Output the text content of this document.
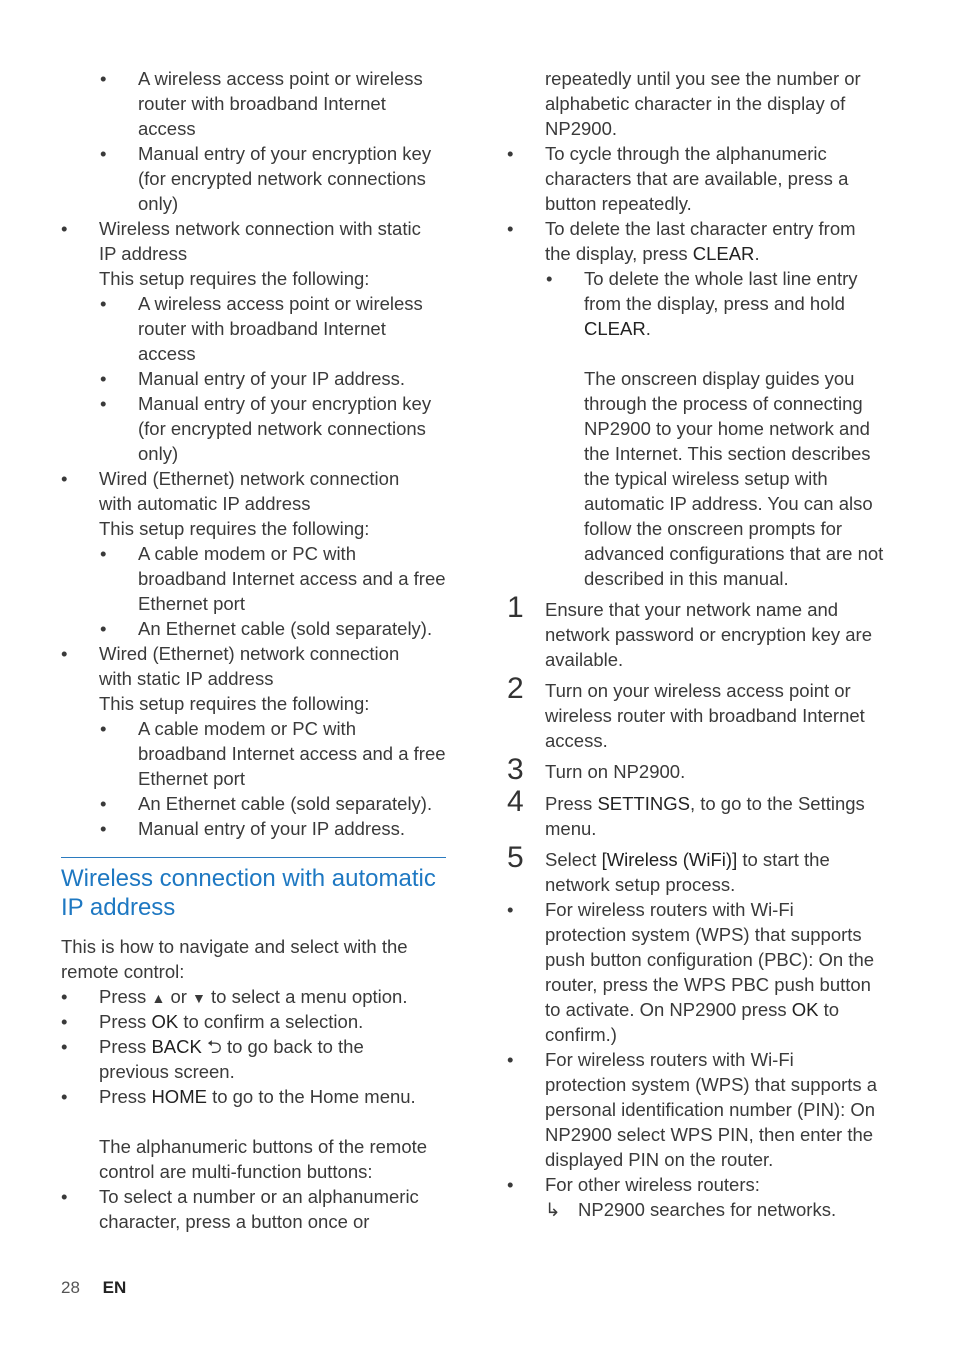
• A wireless access point or wireless
router with broadband Internet
access
• Manual entry of your encryption key
(for encrypted network connections
only)
• Wireless network connection with static
IP address
This setup requires the following:
• A wireless access point or wireless
router with broadband Internet
access
• Manual entry of your IP address.
• Manual entry of your encryption key
(for encrypted network connections
only)
• Wired (Ethernet) network connection
with automatic IP address
This setup requires the following:
• A cable modem or PC with
broadband Internet access and a free
Ethernet port
• An Ethernet cable (sold separately).
• Wired (Ethernet) network connection
with static IP address
This setup requires the following:
• A cable modem or PC with
broadband Internet access and a free
Ethernet port
• An Ethernet cable (sold separately).
• Manual entry of your IP address.
Wireless connection with automatic
IP address
This is how to navigate and select with the
remote control:
• Press ▲ or ▼ to select a menu option.
• Press OK to confirm a selection.
• Press BACK ⮌ to go back to the
previous screen.
• Press HOME to go to the Home menu.
The alphanumeric buttons of the remote
control are multi-function buttons:
• To select a number or an alphanumeric
character, press a button once or
repeatedly until you see the number or
alphabetic character in the display of
NP2900.
• To cycle through the alphanumeric
characters that are available, press a
button repeatedly.
• To delete the last character entry from
the display, press CLEAR.
• To delete the whole last line entry
from the display, press and hold
CLEAR.
The onscreen display guides you
through the process of connecting
NP2900 to your home network and
the Internet. This section describes
the typical wireless setup with
automatic IP address. You can also
follow the onscreen prompts for
advanced configurations that are not
described in this manual.
1 Ensure that your network name and
network password or encryption key are
available.
2 Turn on your wireless access point or
wireless router with broadband Internet
access.
3 Turn on NP2900.
4 Press SETTINGS, to go to the Settings
menu.
5 Select [Wireless (WiFi)] to start the
network setup process.
• For wireless routers with Wi-Fi
protection system (WPS) that supports
push button configuration (PBC): On the
router, press the WPS PBC push button
to activate. On NP2900 press OK to
confirm.)
• For wireless routers with Wi-Fi
protection system (WPS) that supports a
personal identification number (PIN): On
NP2900 select WPS PIN, then enter the
displayed PIN on the router.
• For other wireless routers:
↳ NP2900 searches for networks.
28 EN
